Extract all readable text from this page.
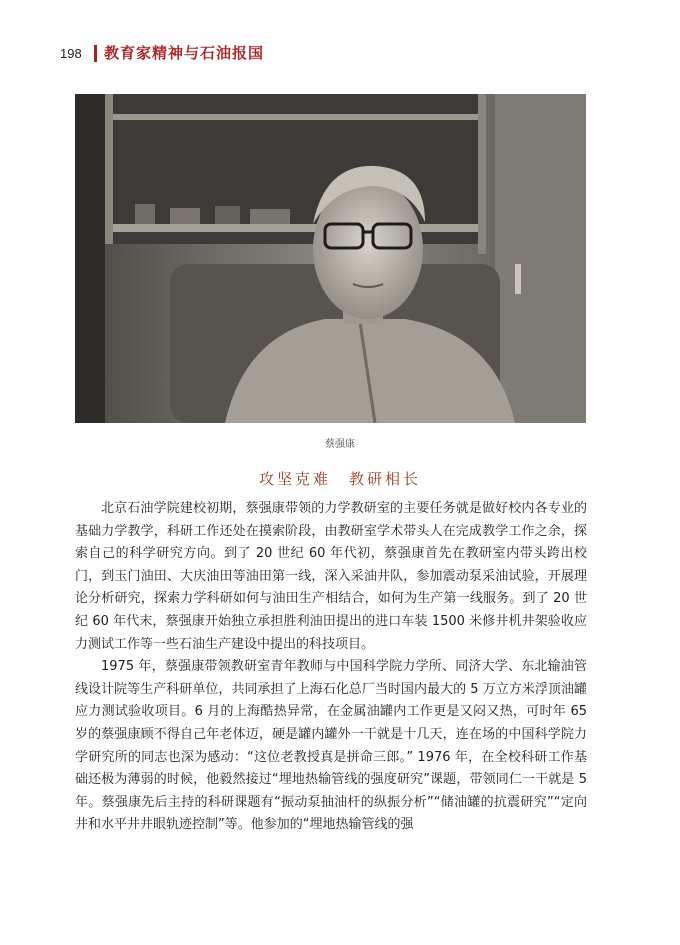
198 教育家精神与石油报国
蔡强康
攻坚克难　教研相长

北京石油学院建校初期，蔡强康带领的力学教研室的主要任务就是做好校内各专业的基础力学教学，科研工作还处在摸索阶段，由教研室学术带头人在完成教学工作之余，探索自己的科学研究方向。到了 20 世纪 60 年代初，蔡强康首先在教研室内带头跨出校门，到玉门油田、大庆油田等油田第一线，深入采油井队，参加震动泵采油试验，开展理论分析研究，探索力学科研如何与油田生产相结合，如何为生产第一线服务。到了 20 世纪 60 年代末，蔡强康开始独立承担胜利油田提出的进口车装 1500 米修井机井架验收应力测试工作等一些石油生产建设中提出的科技项目。

1975 年，蔡强康带领教研室青年教师与中国科学院力学所、同济大学、东北输油管线设计院等生产科研单位，共同承担了上海石化总厂当时国内最大的 5 万立方米浮顶油罐应力测试验收项目。6 月的上海酷热异常，在金属油罐内工作更是又闷又热，可时年 65 岁的蔡强康顾不得自己年老体迈，硬是罐内罐外一干就是十几天，连在场的中国科学院力学研究所的同志也深为感动：“这位老教授真是拼命三郎。” 1976 年，在全校科研工作基础还极为薄弱的时候，他毅然接过“埋地热输管线的强度研究”课题，带领同仁一干就是 5 年。蔡强康先后主持的科研课题有“振动泵抽油杆的纵振分析”“储油罐的抗震研究”“定向井和水平井井眼轨迹控制”等。他参加的“埋地热输管线的强
